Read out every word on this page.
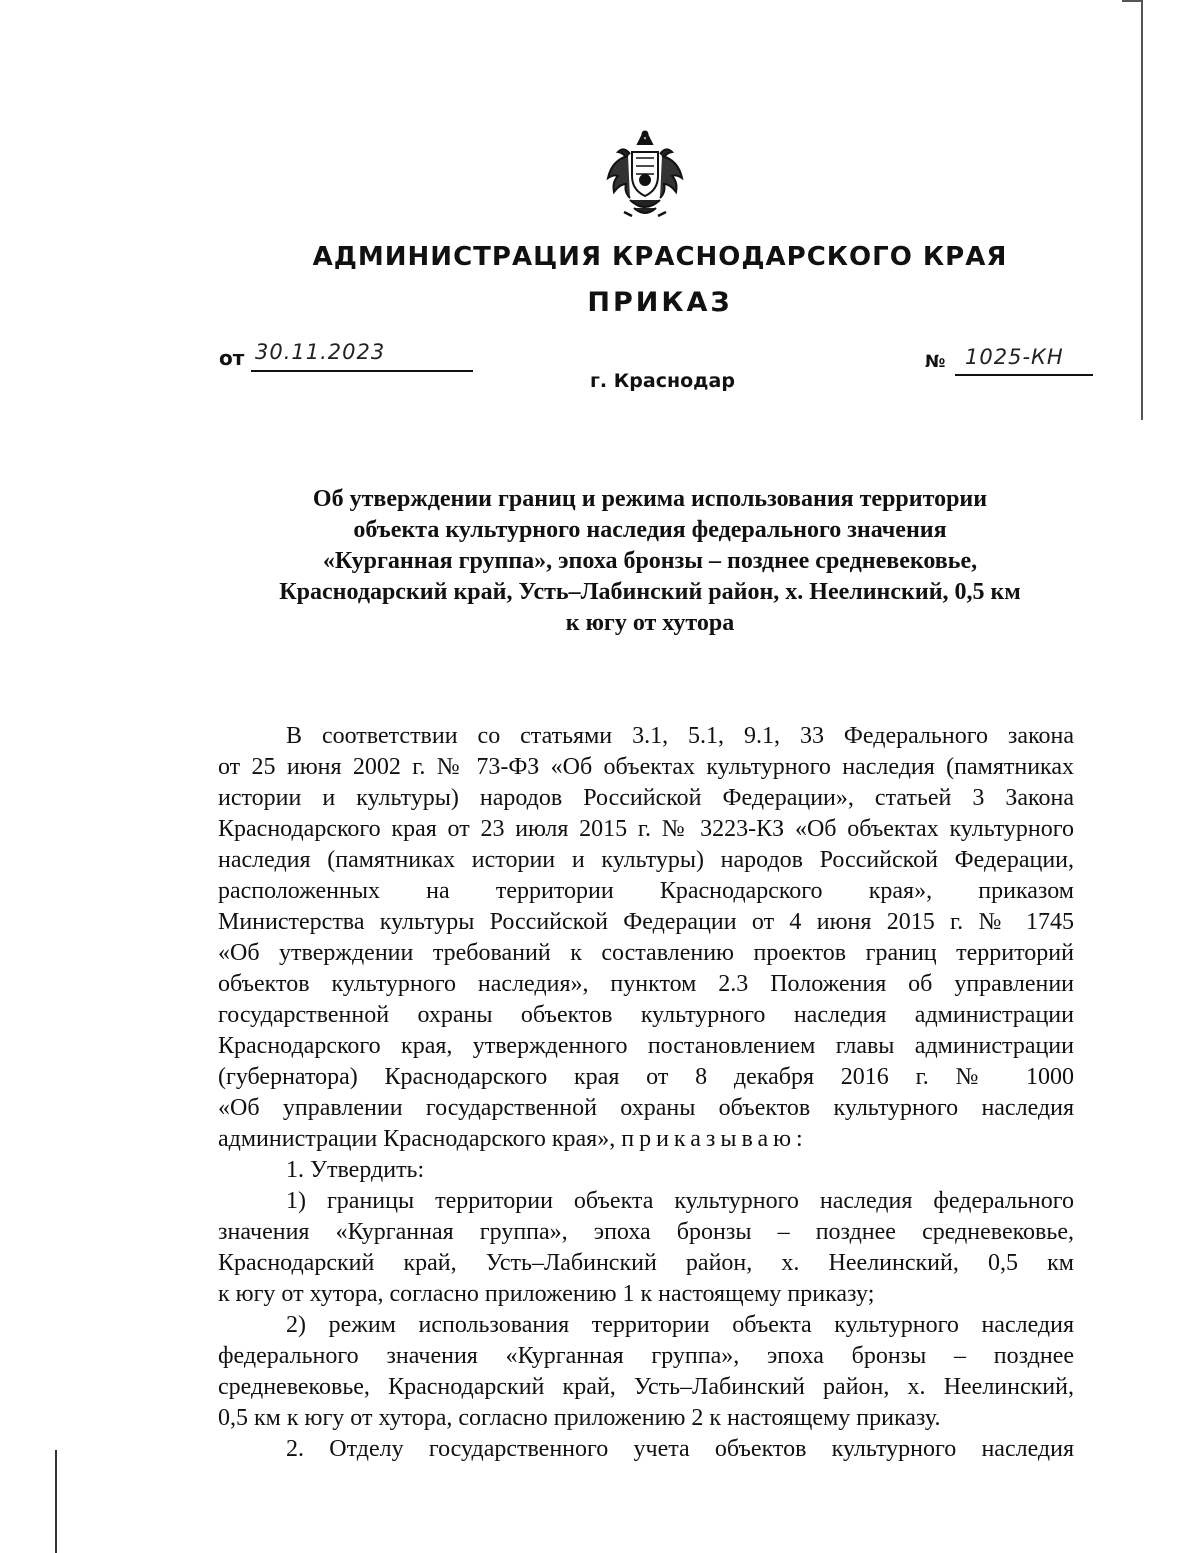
АДМИНИСТРАЦИЯ КРАСНОДАРСКОГО КРАЯ
ПРИКАЗ
от 30.11.2023
г. Краснодар
№ 1025-КН
Об утверждении границ и режима использования территории
объекта культурного наследия федерального значения
«Курганная группа», эпоха бронзы – позднее средневековье,
Краснодарский край, Усть–Лабинский район, х. Неелинский, 0,5 км
к югу от хутора
В соответствии со статьями 3.1, 5.1, 9.1, 33 Федерального закона
от 25 июня 2002 г. № 73-ФЗ «Об объектах культурного наследия (памятниках
истории и культуры) народов Российской Федерации», статьей 3 Закона
Краснодарского края от 23 июля 2015 г. № 3223-КЗ «Об объектах культурного
наследия (памятниках истории и культуры) народов Российской Федерации,
расположенных на территории Краснодарского края», приказом
Министерства культуры Российской Федерации от 4 июня 2015 г. № 1745
«Об утверждении требований к составлению проектов границ территорий
объектов культурного наследия», пунктом 2.3 Положения об управлении
государственной охраны объектов культурного наследия администрации
Краснодарского края, утвержденного постановлением главы администрации
(губернатора) Краснодарского края от 8 декабря 2016 г. № 1000
«Об управлении государственной охраны объектов культурного наследия
администрации Краснодарского края», приказываю:
1. Утвердить:
1) границы территории объекта культурного наследия федерального
значения «Курганная группа», эпоха бронзы – позднее средневековье,
Краснодарский край, Усть–Лабинский район, х. Неелинский, 0,5 км
к югу от хутора, согласно приложению 1 к настоящему приказу;
2) режим использования территории объекта культурного наследия
федерального значения «Курганная группа», эпоха бронзы – позднее
средневековье, Краснодарский край, Усть–Лабинский район, х. Неелинский,
0,5 км к югу от хутора, согласно приложению 2 к настоящему приказу.
2. Отделу государственного учета объектов культурного наследия
